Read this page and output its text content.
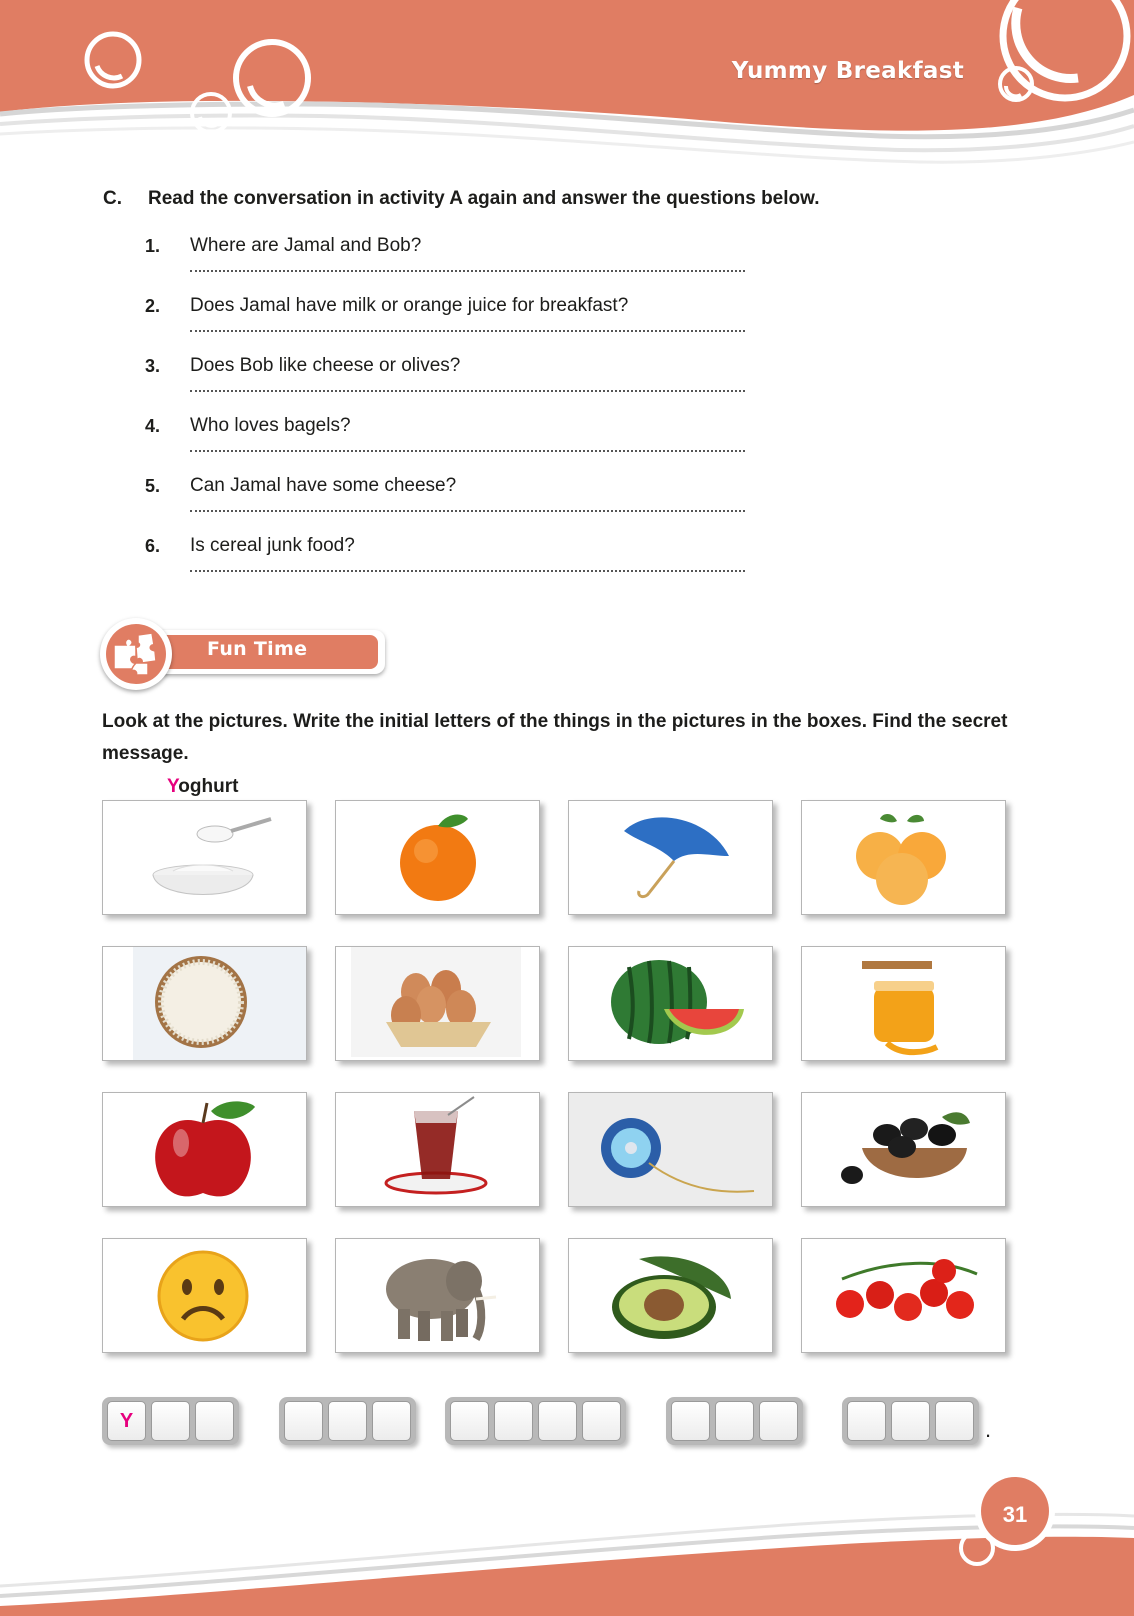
Yummy Breakfast
C. Read the conversation in activity A again and answer the questions below.
1. Where are Jamal and Bob?
2. Does Jamal have milk or orange juice for breakfast?
3. Does Bob like cheese or olives?
4. Who loves bagels?
5. Can Jamal have some cheese?
6. Is cereal junk food?
Fun Time
Look at the pictures. Write the initial letters of the things in the pictures in the boxes. Find the secret message.
Yoghurt
Y	.
31
